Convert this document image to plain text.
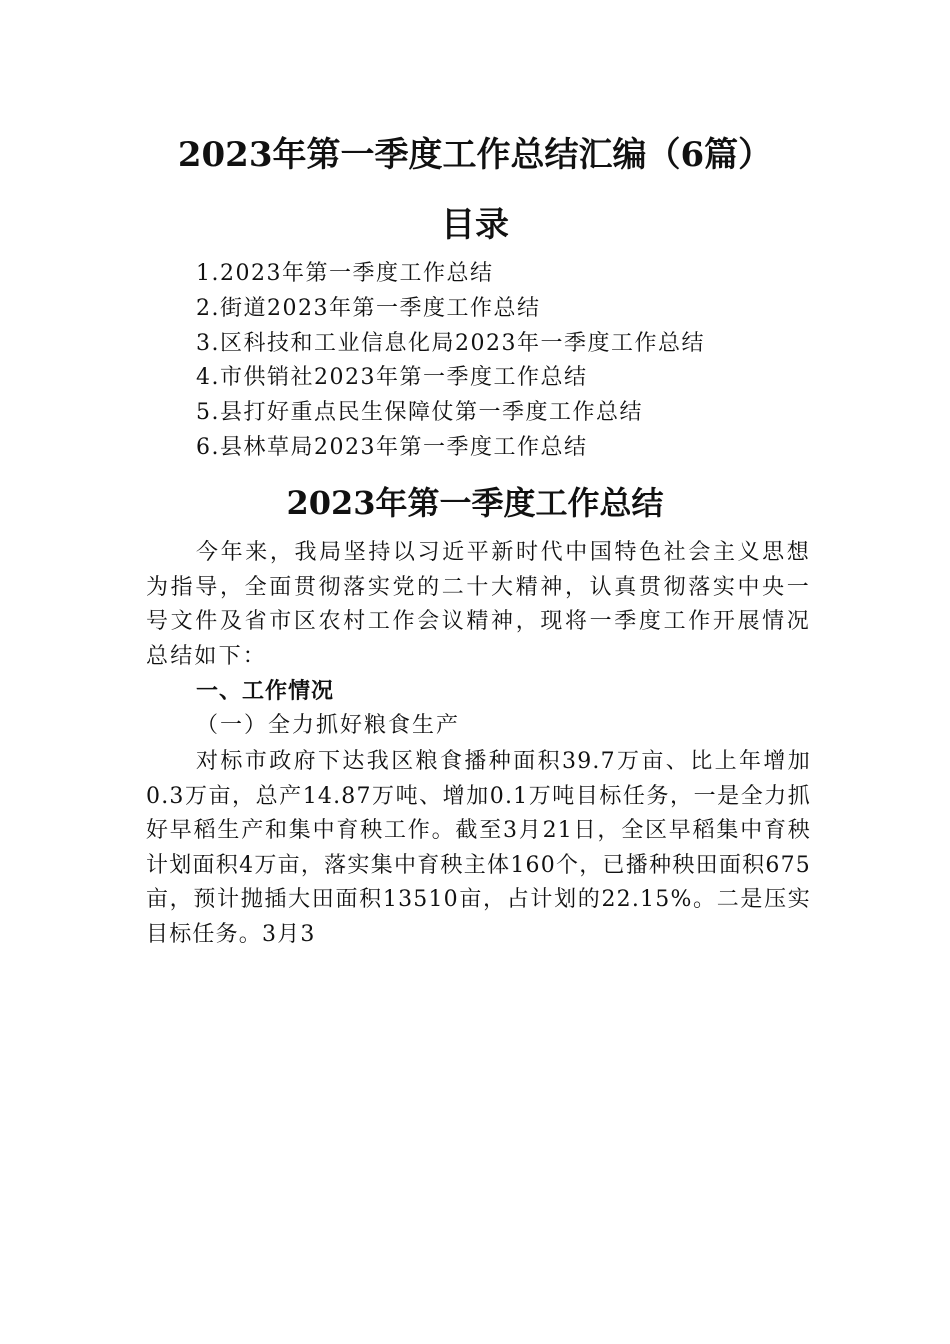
2023年第一季度工作总结汇编（6篇）
目录
1.2023年第一季度工作总结
2.街道2023年第一季度工作总结
3.区科技和工业信息化局2023年一季度工作总结
4.市供销社2023年第一季度工作总结
5.县打好重点民生保障仗第一季度工作总结
6.县林草局2023年第一季度工作总结
2023年第一季度工作总结
今年来，我局坚持以习近平新时代中国特色社会主义思想为指导，全面贯彻落实党的二十大精神，认真贯彻落实中央一号文件及省市区农村工作会议精神，现将一季度工作开展情况总结如下：
一、工作情况
（一）全力抓好粮食生产
对标市政府下达我区粮食播种面积39.7万亩、比上年增加0.3万亩，总产14.87万吨、增加0.1万吨目标任务，一是全力抓好早稻生产和集中育秧工作。截至3月21日，全区早稻集中育秧计划面积4万亩，落实集中育秧主体160个，已播种秧田面积675亩，预计抛插大田面积13510亩，占计划的22.15%。二是压实目标任务。3月3
